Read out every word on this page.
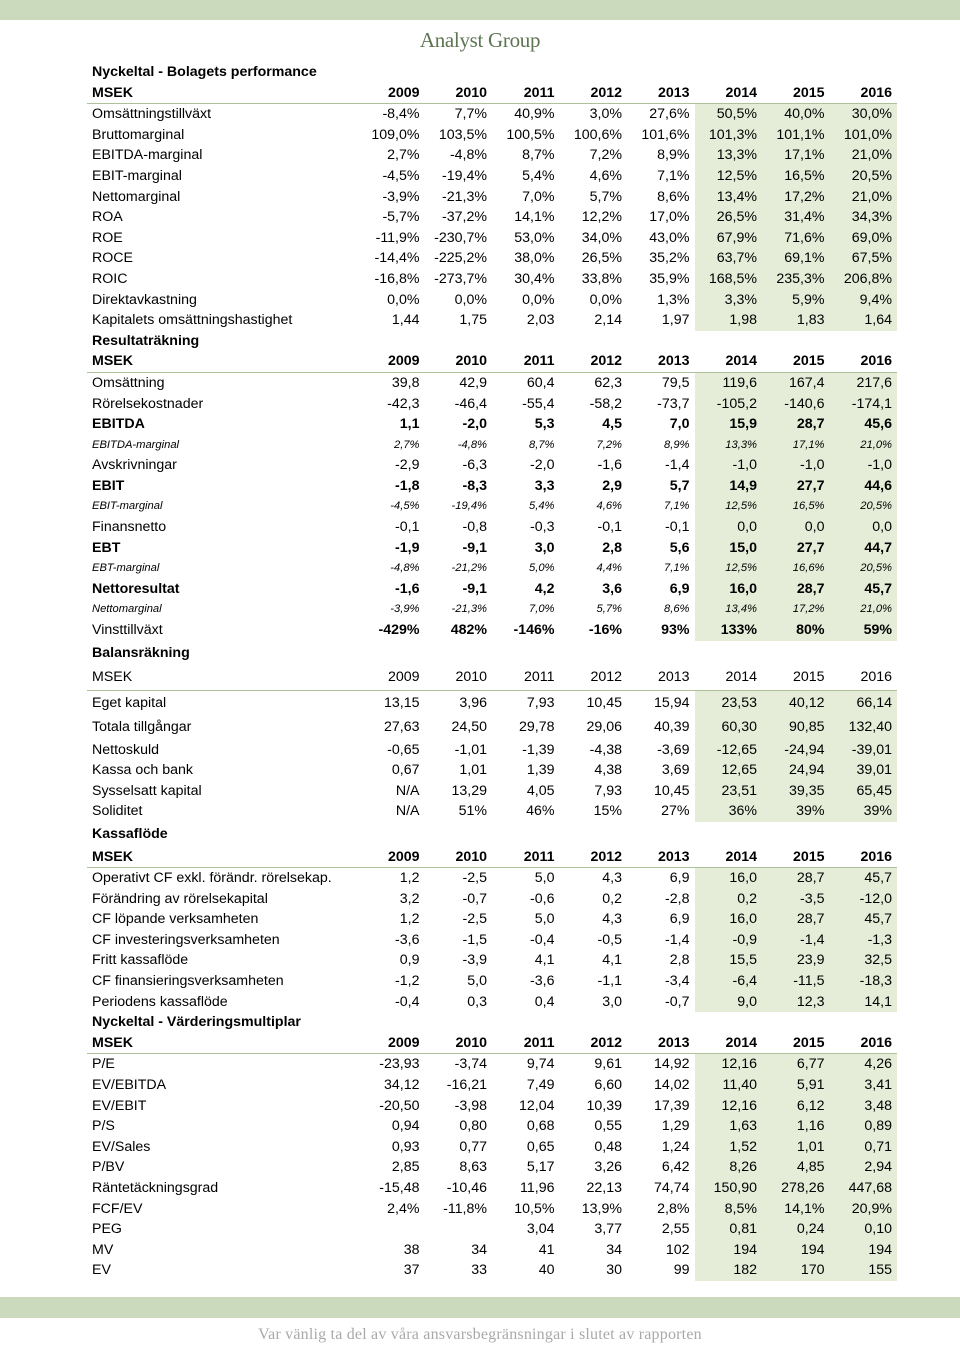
Analyst Group
Nyckeltal - Bolagets performance								
MSEK	2009	2010	2011	2012	2013	2014	2015	2016
Omsättningstillväxt	-8,4%	7,7%	40,9%	3,0%	27,6%	50,5%	40,0%	30,0%
Bruttomarginal	109,0%	103,5%	100,5%	100,6%	101,6%	101,3%	101,1%	101,0%
EBITDA-marginal	2,7%	-4,8%	8,7%	7,2%	8,9%	13,3%	17,1%	21,0%
EBIT-marginal	-4,5%	-19,4%	5,4%	4,6%	7,1%	12,5%	16,5%	20,5%
Nettomarginal	-3,9%	-21,3%	7,0%	5,7%	8,6%	13,4%	17,2%	21,0%
ROA	-5,7%	-37,2%	14,1%	12,2%	17,0%	26,5%	31,4%	34,3%
ROE	-11,9%	-230,7%	53,0%	34,0%	43,0%	67,9%	71,6%	69,0%
ROCE	-14,4%	-225,2%	38,0%	26,5%	35,2%	63,7%	69,1%	67,5%
ROIC	-16,8%	-273,7%	30,4%	33,8%	35,9%	168,5%	235,3%	206,8%
Direktavkastning	0,0%	0,0%	0,0%	0,0%	1,3%	3,3%	5,9%	9,4%
Kapitalets omsättningshastighet	1,44	1,75	2,03	2,14	1,97	1,98	1,83	1,64
Resultaträkning								
MSEK	2009	2010	2011	2012	2013	2014	2015	2016
Omsättning	39,8	42,9	60,4	62,3	79,5	119,6	167,4	217,6
Rörelsekostnader	-42,3	-46,4	-55,4	-58,2	-73,7	-105,2	-140,6	-174,1
EBITDA	1,1	-2,0	5,3	4,5	7,0	15,9	28,7	45,6
EBITDA-marginal	2,7%	-4,8%	8,7%	7,2%	8,9%	13,3%	17,1%	21,0%
Avskrivningar	-2,9	-6,3	-2,0	-1,6	-1,4	-1,0	-1,0	-1,0
EBIT	-1,8	-8,3	3,3	2,9	5,7	14,9	27,7	44,6
EBIT-marginal	-4,5%	-19,4%	5,4%	4,6%	7,1%	12,5%	16,5%	20,5%
Finansnetto	-0,1	-0,8	-0,3	-0,1	-0,1	0,0	0,0	0,0
EBT	-1,9	-9,1	3,0	2,8	5,6	15,0	27,7	44,7
EBT-marginal	-4,8%	-21,2%	5,0%	4,4%	7,1%	12,5%	16,6%	20,5%
Nettoresultat	-1,6	-9,1	4,2	3,6	6,9	16,0	28,7	45,7
Nettomarginal	-3,9%	-21,3%	7,0%	5,7%	8,6%	13,4%	17,2%	21,0%
Vinsttillväxt	-429%	482%	-146%	-16%	93%	133%	80%	59%
Balansräkning								
MSEK	2009	2010	2011	2012	2013	2014	2015	2016
Eget kapital	13,15	3,96	7,93	10,45	15,94	23,53	40,12	66,14
Totala tillgångar	27,63	24,50	29,78	29,06	40,39	60,30	90,85	132,40
Nettoskuld	-0,65	-1,01	-1,39	-4,38	-3,69	-12,65	-24,94	-39,01
Kassa och bank	0,67	1,01	1,39	4,38	3,69	12,65	24,94	39,01
Sysselsatt kapital	N/A	13,29	4,05	7,93	10,45	23,51	39,35	65,45
Soliditet	N/A	51%	46%	15%	27%	36%	39%	39%
Kassaflöde								
MSEK	2009	2010	2011	2012	2013	2014	2015	2016
Operativt CF exkl. förändr. rörelsekap.	1,2	-2,5	5,0	4,3	6,9	16,0	28,7	45,7
Förändring av rörelsekapital	3,2	-0,7	-0,6	0,2	-2,8	0,2	-3,5	-12,0
CF löpande verksamheten	1,2	-2,5	5,0	4,3	6,9	16,0	28,7	45,7
CF investeringsverksamheten	-3,6	-1,5	-0,4	-0,5	-1,4	-0,9	-1,4	-1,3
Fritt kassaflöde	0,9	-3,9	4,1	4,1	2,8	15,5	23,9	32,5
CF finansieringsverksamheten	-1,2	5,0	-3,6	-1,1	-3,4	-6,4	-11,5	-18,3
Periodens kassaflöde	-0,4	0,3	0,4	3,0	-0,7	9,0	12,3	14,1
Nyckeltal - Värderingsmultiplar								
MSEK	2009	2010	2011	2012	2013	2014	2015	2016
P/E	-23,93	-3,74	9,74	9,61	14,92	12,16	6,77	4,26
EV/EBITDA	34,12	-16,21	7,49	6,60	14,02	11,40	5,91	3,41
EV/EBIT	-20,50	-3,98	12,04	10,39	17,39	12,16	6,12	3,48
P/S	0,94	0,80	0,68	0,55	1,29	1,63	1,16	0,89
EV/Sales	0,93	0,77	0,65	0,48	1,24	1,52	1,01	0,71
P/BV	2,85	8,63	5,17	3,26	6,42	8,26	4,85	2,94
Räntetäckningsgrad	-15,48	-10,46	11,96	22,13	74,74	150,90	278,26	447,68
FCF/EV	2,4%	-11,8%	10,5%	13,9%	2,8%	8,5%	14,1%	20,9%
PEG			3,04	3,77	2,55	0,81	0,24	0,10
MV	38	34	41	34	102	194	194	194
EV	37	33	40	30	99	182	170	155
Var vänlig ta del av våra ansvarsbegränsningar i slutet av rapporten
